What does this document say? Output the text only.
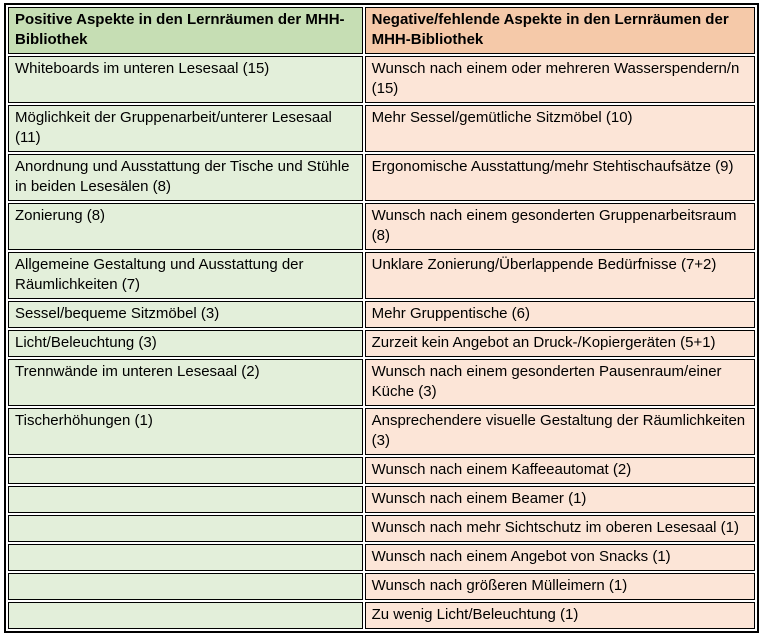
Positive Aspekte in den Lernräumen der MHH-Bibliothek	Negative/fehlende Aspekte in den Lernräumen der MHH-Bibliothek
Whiteboards im unteren Lesesaal (15)	Wunsch nach einem oder mehreren Wasserspendern/n (15)
Möglichkeit der Gruppenarbeit/unterer Lesesaal (11)	Mehr Sessel/gemütliche Sitzmöbel (10)
Anordnung und Ausstattung der Tische und Stühle in beiden Lesesälen (8)	Ergonomische Ausstattung/mehr Stehtischaufsätze (9)
Zonierung (8)	Wunsch nach einem gesonderten Gruppenarbeitsraum (8)
Allgemeine Gestaltung und Ausstattung der Räumlichkeiten (7)	Unklare Zonierung/Überlappende Bedürfnisse (7+2)
Sessel/bequeme Sitzmöbel (3)	Mehr Gruppentische (6)
Licht/Beleuchtung (3)	Zurzeit kein Angebot an Druck-/Kopiergeräten (5+1)
Trennwände im unteren Lesesaal (2)	Wunsch nach einem gesonderten Pausenraum/einer Küche (3)
Tischerhöhungen (1)	Ansprechendere visuelle Gestaltung der Räumlichkeiten (3)
	Wunsch nach einem Kaffeeautomat (2)
	Wunsch nach einem Beamer (1)
	Wunsch nach mehr Sichtschutz im oberen Lesesaal (1)
	Wunsch nach einem Angebot von Snacks (1)
	Wunsch nach größeren Mülleimern (1)
	Zu wenig Licht/Beleuchtung (1)
